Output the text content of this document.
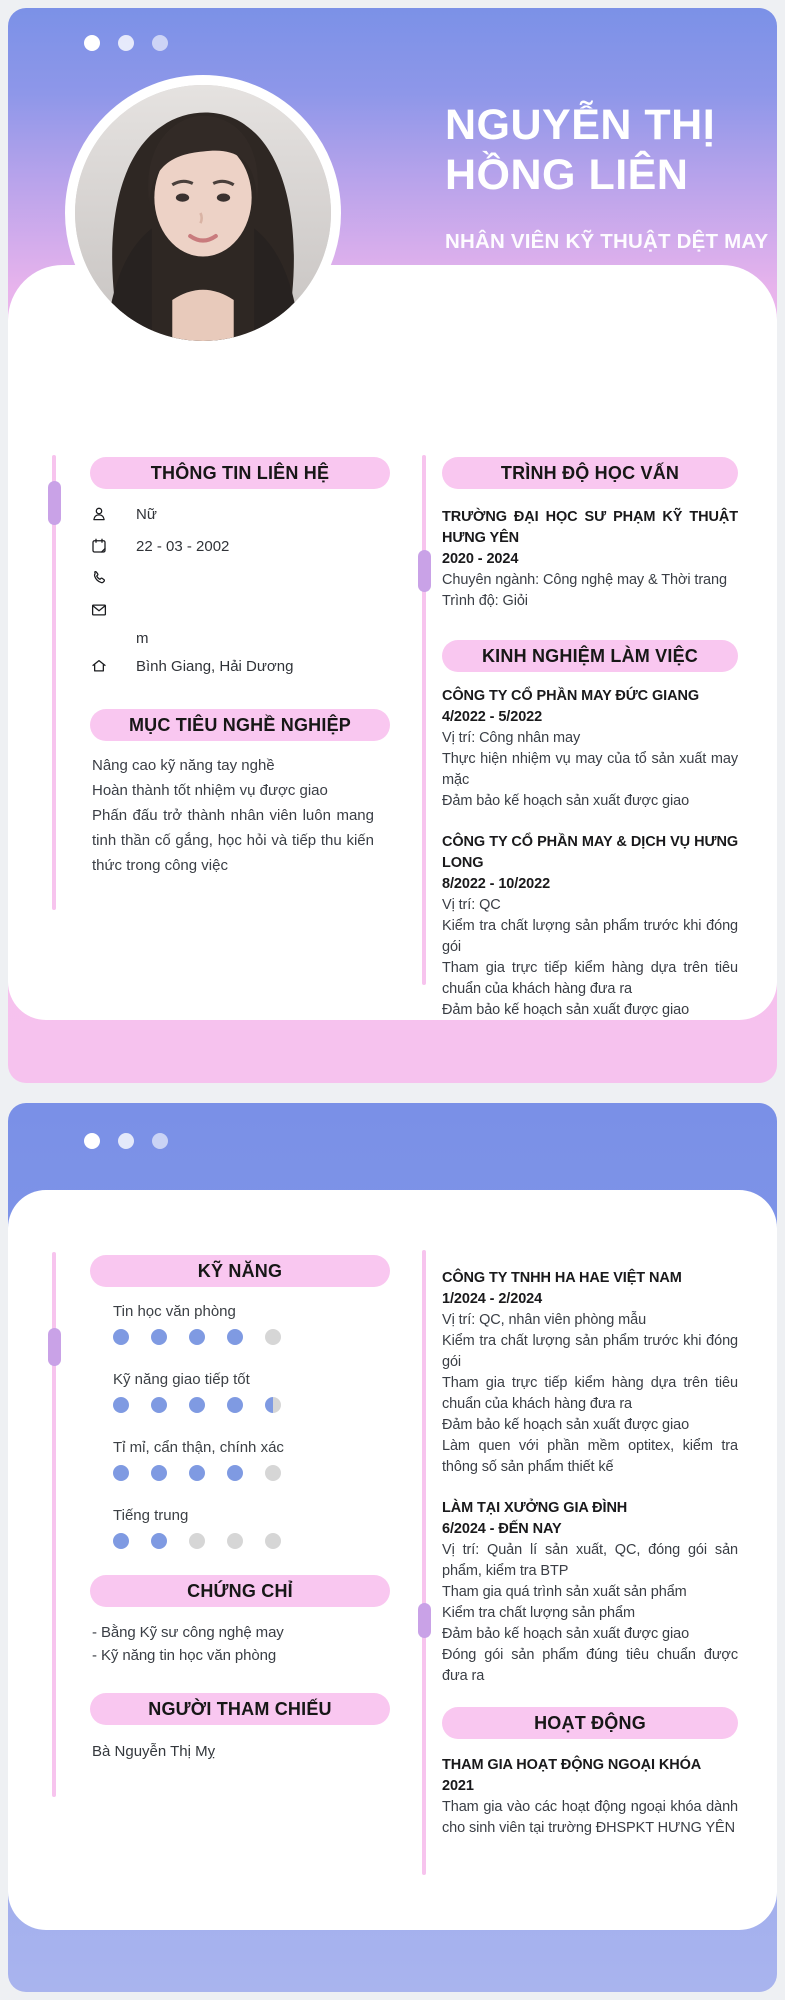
NGUYỄN THỊ HỒNG LIÊN
NHÂN VIÊN KỸ THUẬT DỆT MAY
THÔNG TIN LIÊN HỆ
Nữ
22 - 03 - 2002
m
Bình Giang, Hải Dương
MỤC TIÊU NGHỀ NGHIỆP
Nâng cao kỹ năng tay nghề
Hoàn thành tốt nhiệm vụ được giao
Phấn đấu trở thành nhân viên luôn mang tinh thần cố gắng, học hỏi và tiếp thu kiến thức trong công việc
TRÌNH ĐỘ HỌC VẤN
TRƯỜNG ĐẠI HỌC SƯ PHẠM KỸ THUẬT HƯNG YÊN
2020 - 2024
Chuyên ngành: Công nghệ may & Thời trang
Trình độ: Giỏi
KINH NGHIỆM LÀM VIỆC
CÔNG TY CỔ PHẦN MAY ĐỨC GIANG
4/2022 - 5/2022
Vị trí: Công nhân may
Thực hiện nhiệm vụ may của tổ sản xuất may mặc
Đảm bảo kế hoạch sản xuất được giao
CÔNG TY CỔ PHẦN MAY & DỊCH VỤ HƯNG LONG
8/2022 - 10/2022
Vị trí: QC
Kiểm tra chất lượng sản phẩm trước khi đóng gói
Tham gia trực tiếp kiểm hàng dựa trên tiêu chuẩn của khách hàng đưa ra
Đảm bảo kế hoạch sản xuất được giao
KỸ NĂNG
Tin học văn phòng
Kỹ năng giao tiếp tốt
Tỉ mỉ, cẩn thận, chính xác
Tiếng trung
CHỨNG CHỈ
- Bằng Kỹ sư công nghệ may
- Kỹ năng tin học văn phòng
NGƯỜI THAM CHIẾU
Bà Nguyễn Thị Mỵ
CÔNG TY TNHH HA HAE VIỆT NAM
1/2024 - 2/2024
Vị trí: QC, nhân viên phòng mẫu
Kiểm tra chất lượng sản phẩm trước khi đóng gói
Tham gia trực tiếp kiểm hàng dựa trên tiêu chuẩn của khách hàng đưa ra
Đảm bảo kế hoạch sản xuất được giao
Làm quen với phần mềm optitex, kiểm tra thông số sản phẩm thiết kế
LÀM TẠI XƯỞNG GIA ĐÌNH
6/2024 - ĐẾN NAY
Vị trí: Quản lí sản xuất, QC, đóng gói sản phẩm, kiểm tra BTP
Tham gia quá trình sản xuất sản phẩm
Kiểm tra chất lượng sản phẩm
Đảm bảo kế hoạch sản xuất được giao
Đóng gói sản phẩm đúng tiêu chuẩn được đưa ra
HOẠT ĐỘNG
THAM GIA HOẠT ĐỘNG NGOẠI KHÓA
2021
Tham gia vào các hoạt động ngoại khóa dành cho sinh viên tại trường ĐHSPKT HƯNG YÊN
